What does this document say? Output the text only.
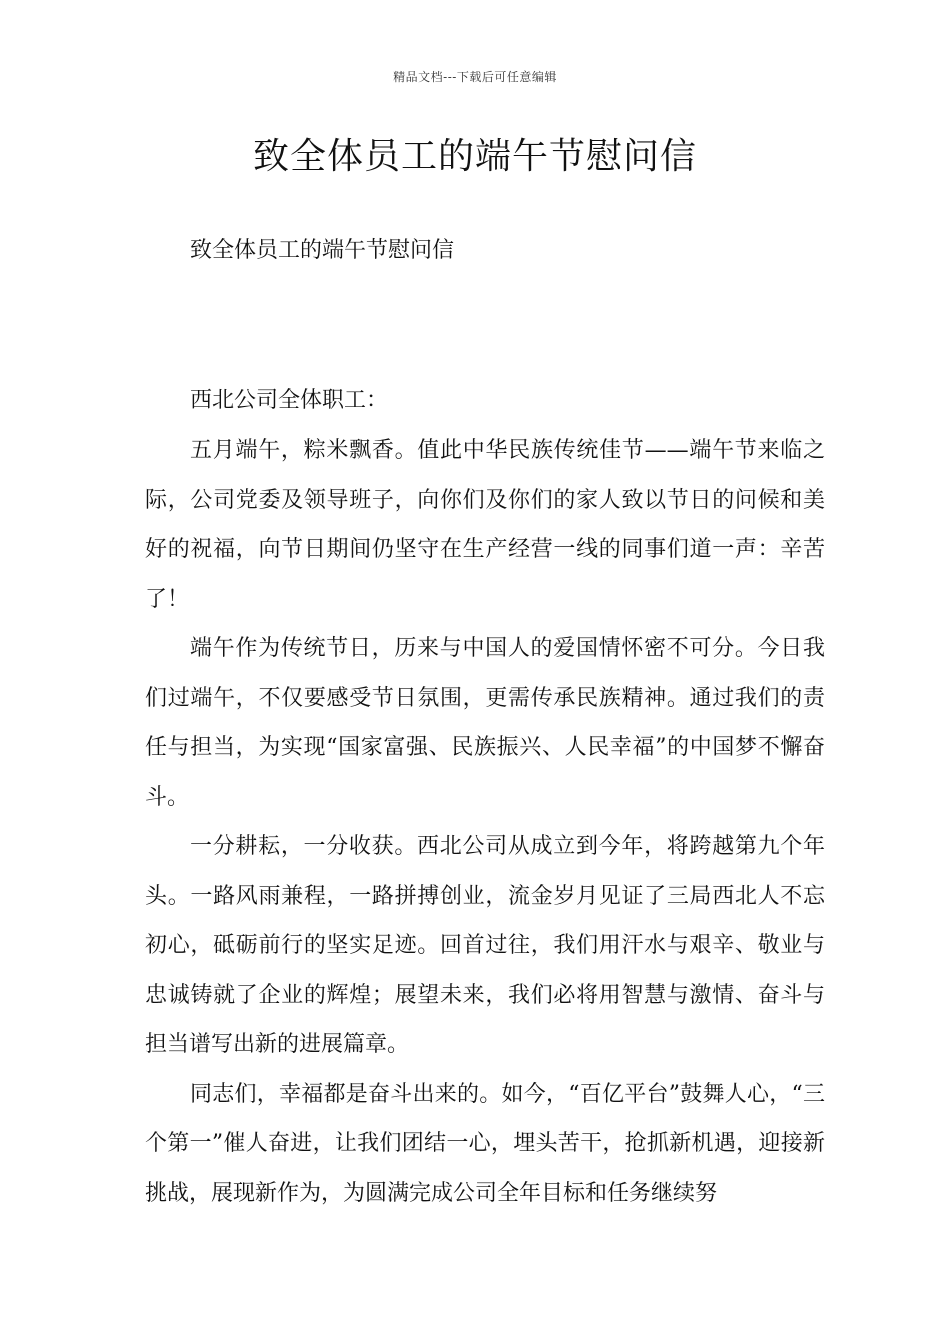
精品文档---下载后可任意编辑
致全体员工的端午节慰问信
致全体员工的端午节慰问信
西北公司全体职工：

五月端午，粽米飘香。值此中华民族传统佳节——端午节来临之际，公司党委及领导班子，向你们及你们的家人致以节日的问候和美好的祝福，向节日期间仍坚守在生产经营一线的同事们道一声：辛苦了！

端午作为传统节日，历来与中国人的爱国情怀密不可分。今日我们过端午，不仅要感受节日氛围，更需传承民族精神。通过我们的责任与担当，为实现“国家富强、民族振兴、人民幸福”的中国梦不懈奋斗。

一分耕耘，一分收获。西北公司从成立到今年，将跨越第九个年头。一路风雨兼程，一路拼搏创业，流金岁月见证了三局西北人不忘初心，砥砺前行的坚实足迹。回首过往，我们用汗水与艰辛、敬业与忠诚铸就了企业的辉煌；展望未来，我们必将用智慧与激情、奋斗与担当谱写出新的进展篇章。

同志们，幸福都是奋斗出来的。如今，“百亿平台”鼓舞人心，“三个第一”催人奋进，让我们团结一心，埋头苦干，抢抓新机遇，迎接新挑战，展现新作为，为圆满完成公司全年目标和任务继续努
